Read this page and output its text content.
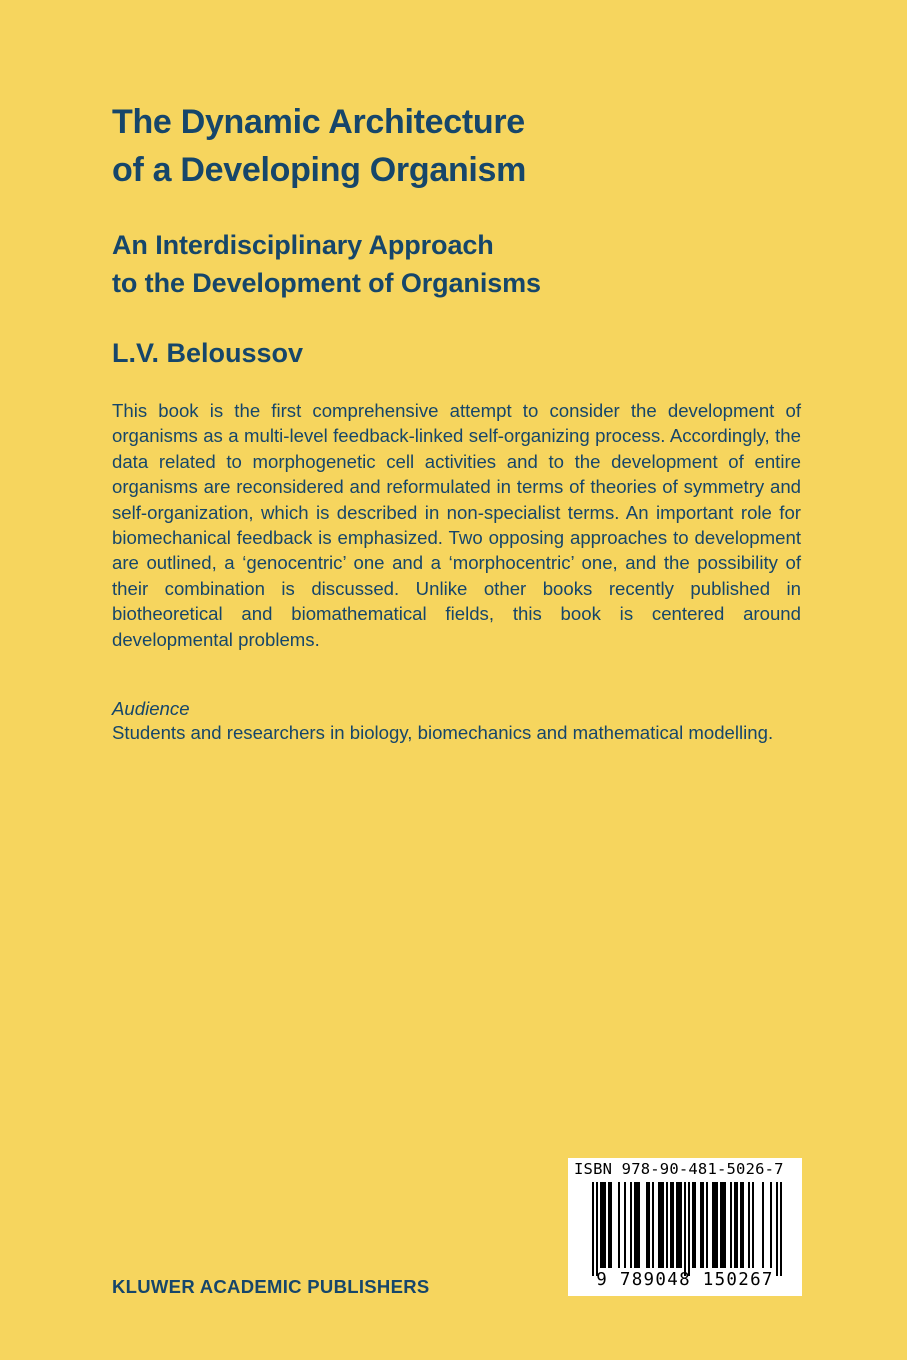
The Dynamic Architecture
of a Developing Organism
An Interdisciplinary Approach
to the Development of Organisms
L.V. Beloussov

This book is the first comprehensive attempt to consider the development of organisms as a multi-level feedback-linked self-organizing process. Accordingly, the data related to morphogenetic cell activities and to the development of entire organisms are reconsidered and reformulated in terms of theories of symmetry and self-organization, which is described in non-specialist terms. An important role for biomechanical feedback is emphasized. Two opposing approaches to development are outlined, a ‘genocentric’ one and a ‘morphocentric’ one, and the possibility of their combination is discussed. Unlike other books recently published in biotheoretical and biomathematical fields, this book is centered around developmental problems.

Audience

Students and researchers in biology, biomechanics and mathematical modelling.

KLUWER ACADEMIC PUBLISHERS
ISBN 978-90-481-5026-7
9 789048 150267
